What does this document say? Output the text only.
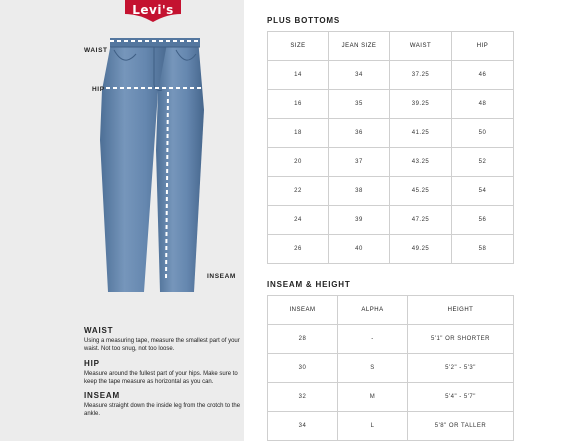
Levi's
WAIST
HIP
INSEAM
WAIST
Using a measuring tape, measure the smallest part of your waist. Not too snug, not too loose.
HIP
Measure around the fullest part of your hips. Make sure to keep the tape measure as horizontal as you can.
INSEAM
Measure straight down the inside leg from the crotch to the ankle.
PLUS BOTTOMS
SIZE	JEAN SIZE	WAIST	HIP
14	34	37.25	46
16	35	39.25	48
18	36	41.25	50
20	37	43.25	52
22	38	45.25	54
24	39	47.25	56
26	40	49.25	58
INSEAM & HEIGHT
INSEAM	ALPHA	HEIGHT
28	-	5'1" OR SHORTER
30	S	5'2" - 5'3"
32	M	5'4" - 5'7"
34	L	5'8" OR TALLER
